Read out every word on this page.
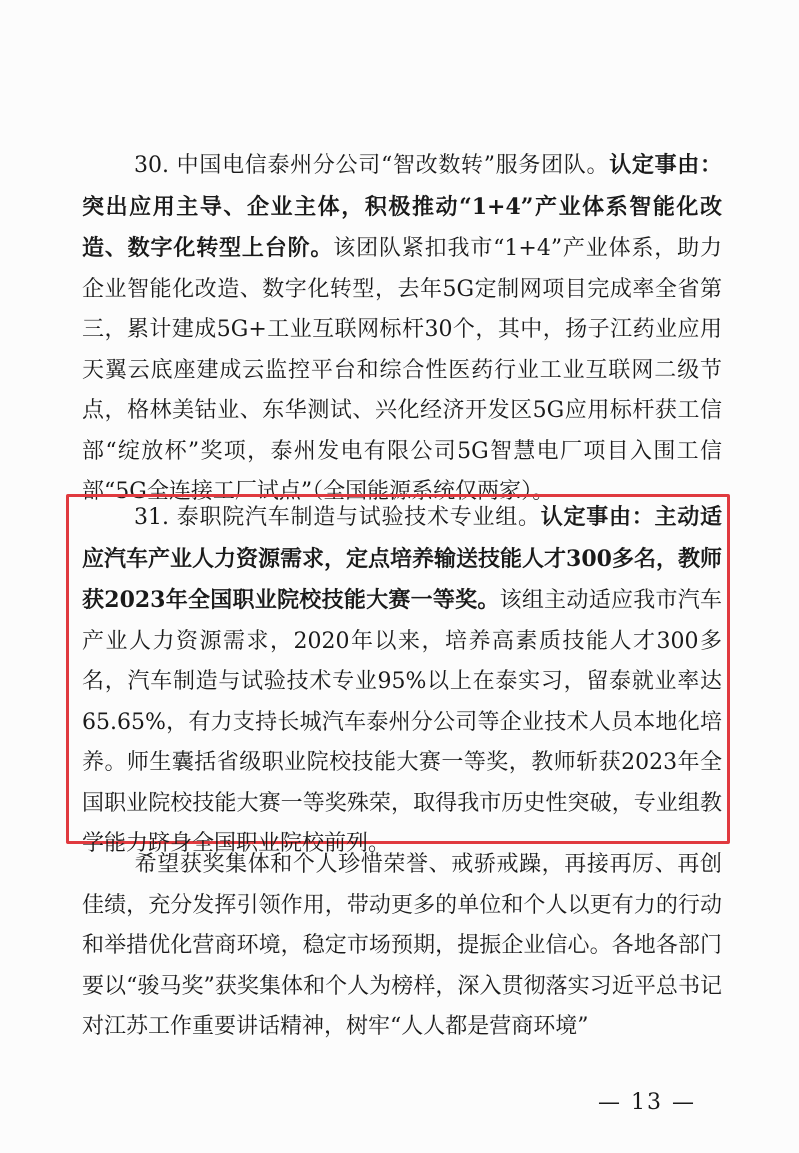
30. 中国电信泰州分公司“智改数转”服务团队。认定事由：突出应用主导、企业主体，积极推动“1+4”产业体系智能化改造、数字化转型上台阶。该团队紧扣我市“1+4”产业体系，助力企业智能化改造、数字化转型，去年5G定制网项目完成率全省第三，累计建成5G+工业互联网标杆30个，其中，扬子江药业应用天翼云底座建成云监控平台和综合性医药行业工业互联网二级节点，格林美钴业、东华测试、兴化经济开发区5G应用标杆获工信部“绽放杯”奖项，泰州发电有限公司5G智慧电厂项目入围工信部“5G全连接工厂试点”（全国能源系统仅两家）。
31. 泰职院汽车制造与试验技术专业组。认定事由：主动适应汽车产业人力资源需求，定点培养输送技能人才300多名，教师获2023年全国职业院校技能大赛一等奖。该组主动适应我市汽车产业人力资源需求，2020年以来，培养高素质技能人才300多名，汽车制造与试验技术专业95%以上在泰实习，留泰就业率达65.65%，有力支持长城汽车泰州分公司等企业技术人员本地化培养。师生囊括省级职业院校技能大赛一等奖，教师斩获2023年全国职业院校技能大赛一等奖殊荣，取得我市历史性突破，专业组教学能力跻身全国职业院校前列。
希望获奖集体和个人珍惜荣誉、戒骄戒躁，再接再厉、再创佳绩，充分发挥引领作用，带动更多的单位和个人以更有力的行动和举措优化营商环境，稳定市场预期，提振企业信心。各地各部门要以“骏马奖”获奖集体和个人为榜样，深入贯彻落实习近平总书记对江苏工作重要讲话精神，树牢“人人都是营商环境”
— 13 —
